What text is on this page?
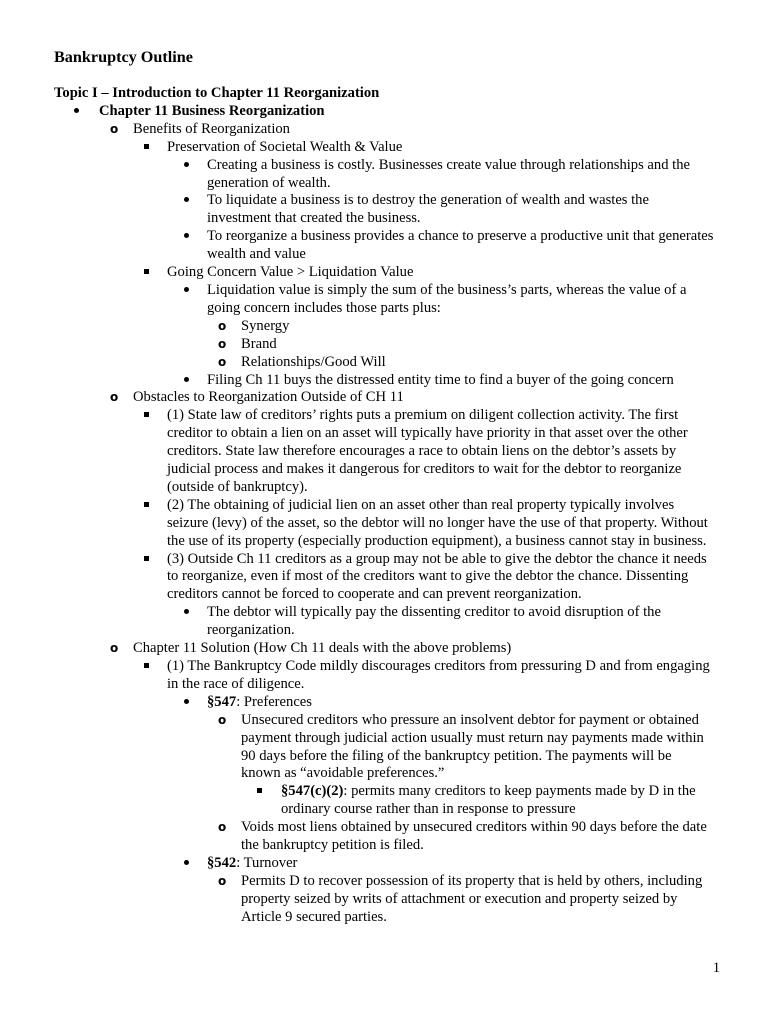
Bankruptcy Outline
Topic I – Introduction to Chapter 11 Reorganization
Chapter 11 Business Reorganization
o Benefits of Reorganization
Preservation of Societal Wealth & Value
Creating a business is costly. Businesses create value through relationships and the generation of wealth.
To liquidate a business is to destroy the generation of wealth and wastes the investment that created the business.
To reorganize a business provides a chance to preserve a productive unit that generates wealth and value
Going Concern Value > Liquidation Value
Liquidation value is simply the sum of the business’s parts, whereas the value of a going concern includes those parts plus:
o Synergy
o Brand
o Relationships/Good Will
Filing Ch 11 buys the distressed entity time to find a buyer of the going concern
o Obstacles to Reorganization Outside of CH 11
(1) State law of creditors’ rights puts a premium on diligent collection activity. The first creditor to obtain a lien on an asset will typically have priority in that asset over the other creditors. State law therefore encourages a race to obtain liens on the debtor’s assets by judicial process and makes it dangerous for creditors to wait for the debtor to reorganize (outside of bankruptcy).
(2) The obtaining of judicial lien on an asset other than real property typically involves seizure (levy) of the asset, so the debtor will no longer have the use of that property. Without the use of its property (especially production equipment), a business cannot stay in business.
(3) Outside Ch 11 creditors as a group may not be able to give the debtor the chance it needs to reorganize, even if most of the creditors want to give the debtor the chance. Dissenting creditors cannot be forced to cooperate and can prevent reorganization.
The debtor will typically pay the dissenting creditor to avoid disruption of the reorganization.
o Chapter 11 Solution (How Ch 11 deals with the above problems)
(1) The Bankruptcy Code mildly discourages creditors from pressuring D and from engaging in the race of diligence.
§547: Preferences
o Unsecured creditors who pressure an insolvent debtor for payment or obtained payment through judicial action usually must return nay payments made within 90 days before the filing of the bankruptcy petition. The payments will be known as “avoidable preferences.”
§547(c)(2): permits many creditors to keep payments made by D in the ordinary course rather than in response to pressure
o Voids most liens obtained by unsecured creditors within 90 days before the date the bankruptcy petition is filed.
§542: Turnover
o Permits D to recover possession of its property that is held by others, including property seized by writs of attachment or execution and property seized by Article 9 secured parties.
1
